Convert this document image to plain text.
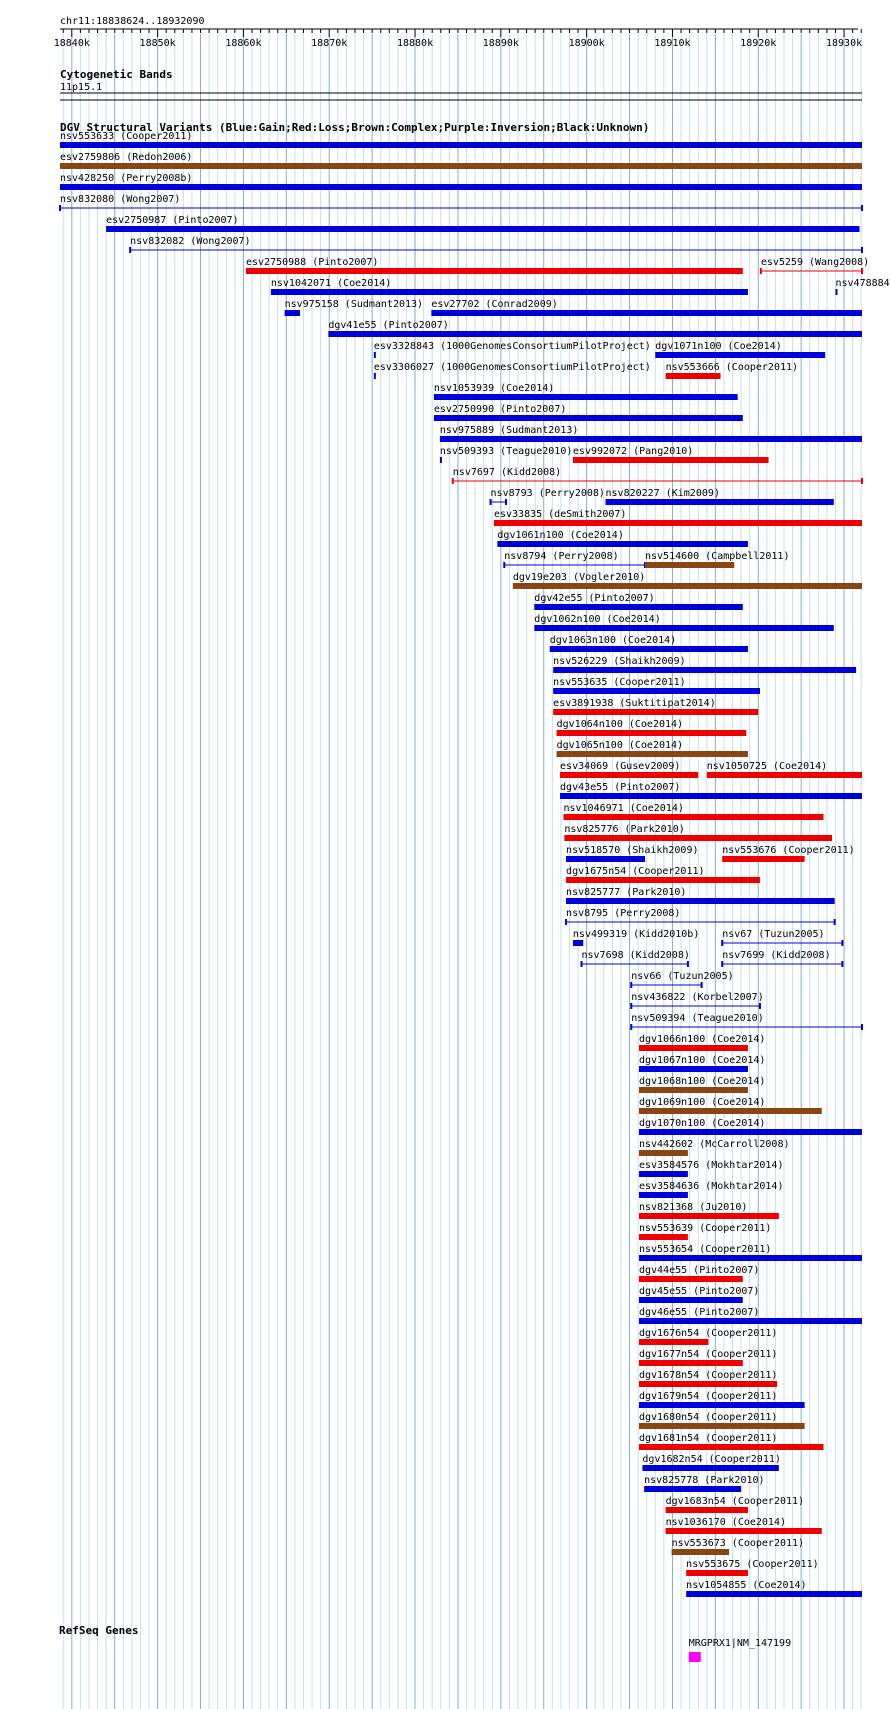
chr11:18838624..18932090
18840k	18850k	18860k	18870k	18880k	18890k	18900k	18910k	18920k	18930k
Cytogenetic Bands
11p15.1
DGV Structural Variants (Blue:Gain;Red:Loss;Brown:Complex;Purple:Inversion;Black:Unknown)
nsv553633 (Cooper2011)
esv2759806 (Redon2006)
nsv428250 (Perry2008b)
nsv832080 (Wong2007)
esv2750987 (Pinto2007)
nsv832082 (Wong2007)
esv2750988 (Pinto2007)	esv5259 (Wang2008)
nsv1042071 (Coe2014)	nsv478884
nsv975158 (Sudmant2013) esv27702 (Conrad2009)
dgv41e55 (Pinto2007)
esv3328843 (1000GenomesConsortiumPilotProject) dgv1071n100 (Coe2014)
esv3306027 (1000GenomesConsortiumPilotProject) nsv553666 (Cooper2011)
nsv1053939 (Coe2014)
esv2750990 (Pinto2007)
nsv975889 (Sudmant2013)
nsv509393 (Teague2010) esv992072 (Pang2010)
nsv7697 (Kidd2008)
nsv8793 (Perry2008) nsv820227 (Kim2009)
esv33835 (deSmith2007)
dgv1061n100 (Coe2014)
nsv8794 (Perry2008)	nsv514600 (Campbell2011)
dgv19e203 (Vogler2010)
dgv42e55 (Pinto2007)
dgv1062n100 (Coe2014)
dgv1063n100 (Coe2014)
nsv526229 (Shaikh2009)
nsv553635 (Cooper2011)
esv3891938 (Suktitipat2014)
dgv1064n100 (Coe2014)
dgv1065n100 (Coe2014)
esv34069 (Gusev2009)	nsv1050725 (Coe2014)
dgv43e55 (Pinto2007)
nsv1046971 (Coe2014)
nsv825776 (Park2010)
nsv518570 (Shaikh2009) nsv553676 (Cooper2011)
dgv1675n54 (Cooper2011)
nsv825777 (Park2010)
nsv8795 (Perry2008)
nsv499319 (Kidd2010b) nsv67 (Tuzun2005)
nsv7698 (Kidd2008)	nsv7699 (Kidd2008)
nsv66 (Tuzun2005)
nsv436822 (Korbel2007)
nsv509394 (Teague2010)
dgv1066n100 (Coe2014)
dgv1067n100 (Coe2014)
dgv1068n100 (Coe2014)
dgv1069n100 (Coe2014)
dgv1070n100 (Coe2014)
nsv442602 (McCarroll2008)
esv3584576 (Mokhtar2014)
esv3584636 (Mokhtar2014)
nsv821368 (Ju2010)
nsv553639 (Cooper2011)
nsv553654 (Cooper2011)
dgv44e55 (Pinto2007)
dgv45e55 (Pinto2007)
dgv46e55 (Pinto2007)
dgv1676n54 (Cooper2011)
dgv1677n54 (Cooper2011)
dgv1678n54 (Cooper2011)
dgv1679n54 (Cooper2011)
dgv1680n54 (Cooper2011)
dgv1681n54 (Cooper2011)
dgv1682n54 (Cooper2011)
nsv825778 (Park2010)
dgv1683n54 (Cooper2011)
nsv1036170 (Coe2014)
nsv553673 (Cooper2011)
nsv553675 (Cooper2011)
nsv1054855 (Coe2014)
RefSeq Genes
MRGPRX1|NM_147199
